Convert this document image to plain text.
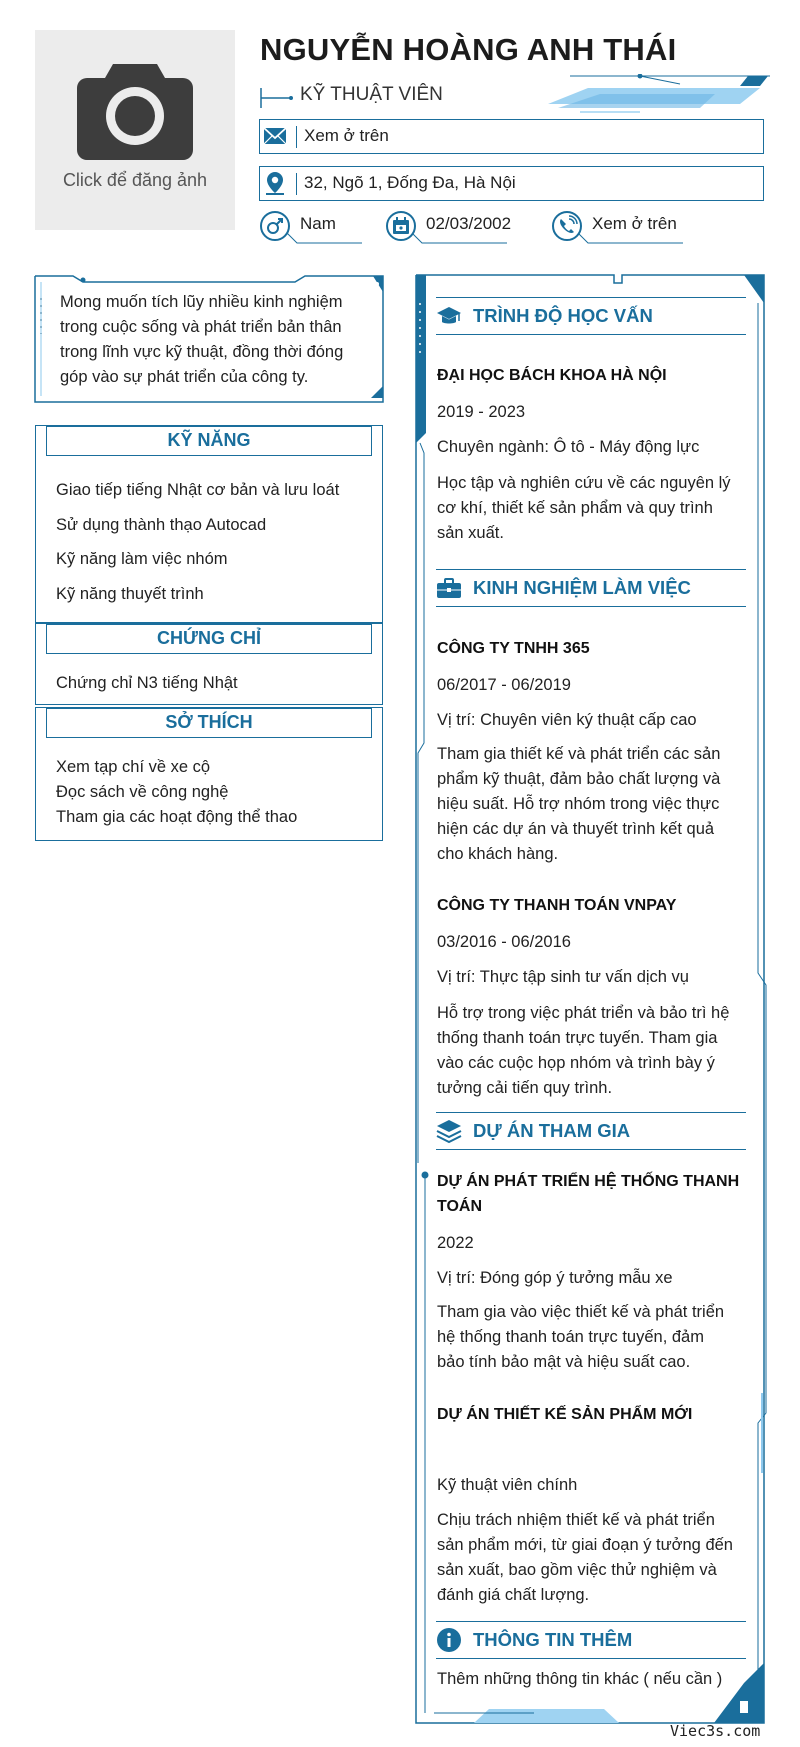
Click để đăng ảnh
NGUYỄN HOÀNG ANH THÁI
KỸ THUẬT VIÊN
Xem ở trên
32, Ngõ 1, Đống Đa, Hà Nội
Nam	02/03/2002	Xem ở trên
Mong muốn tích lũy nhiều kinh nghiệm
trong cuộc sống và phát triển bản thân
trong lĩnh vực kỹ thuật, đồng thời đóng
góp vào sự phát triển của công ty.
KỸ NĂNG
Giao tiếp tiếng Nhật cơ bản và lưu loát
Sử dụng thành thạo Autocad
Kỹ năng làm việc nhóm
Kỹ năng thuyết trình
CHỨNG CHỈ
Chứng chỉ N3 tiếng Nhật
SỞ THÍCH
Xem tạp chí về xe cộ
Đọc sách về công nghệ
Tham gia các hoạt động thể thao
TRÌNH ĐỘ HỌC VẤN
ĐẠI HỌC BÁCH KHOA HÀ NỘI
2019 - 2023
Chuyên ngành: Ô tô - Máy động lực
Học tập và nghiên cứu về các nguyên lý
cơ khí, thiết kế sản phẩm và quy trình
sản xuất.
KINH NGHIỆM LÀM VIỆC
CÔNG TY TNHH 365
06/2017 - 06/2019
Vị trí: Chuyên viên ký thuật cấp cao
Tham gia thiết kế và phát triển các sản
phẩm kỹ thuật, đảm bảo chất lượng và
hiệu suất. Hỗ trợ nhóm trong việc thực
hiện các dự án và thuyết trình kết quả
cho khách hàng.
CÔNG TY THANH TOÁN VNPAY
03/2016 - 06/2016
Vị trí: Thực tập sinh tư vấn dịch vụ
Hỗ trợ trong việc phát triển và bảo trì hệ
thống thanh toán trực tuyến. Tham gia
vào các cuộc họp nhóm và trình bày ý
tưởng cải tiến quy trình.
DỰ ÁN THAM GIA
DỰ ÁN PHÁT TRIỂN HỆ THỐNG THANH
TOÁN
2022
Vị trí: Đóng góp ý tưởng mẫu xe
Tham gia vào việc thiết kế và phát triển
hệ thống thanh toán trực tuyến, đảm
bảo tính bảo mật và hiệu suất cao.
DỰ ÁN THIẾT KẾ SẢN PHẨM MỚI
Kỹ thuật viên chính
Chịu trách nhiệm thiết kế và phát triển
sản phẩm mới, từ giai đoạn ý tưởng đến
sản xuất, bao gồm việc thử nghiệm và
đánh giá chất lượng.
THÔNG TIN THÊM
Thêm những thông tin khác ( nếu cần )
Viec3s.com
